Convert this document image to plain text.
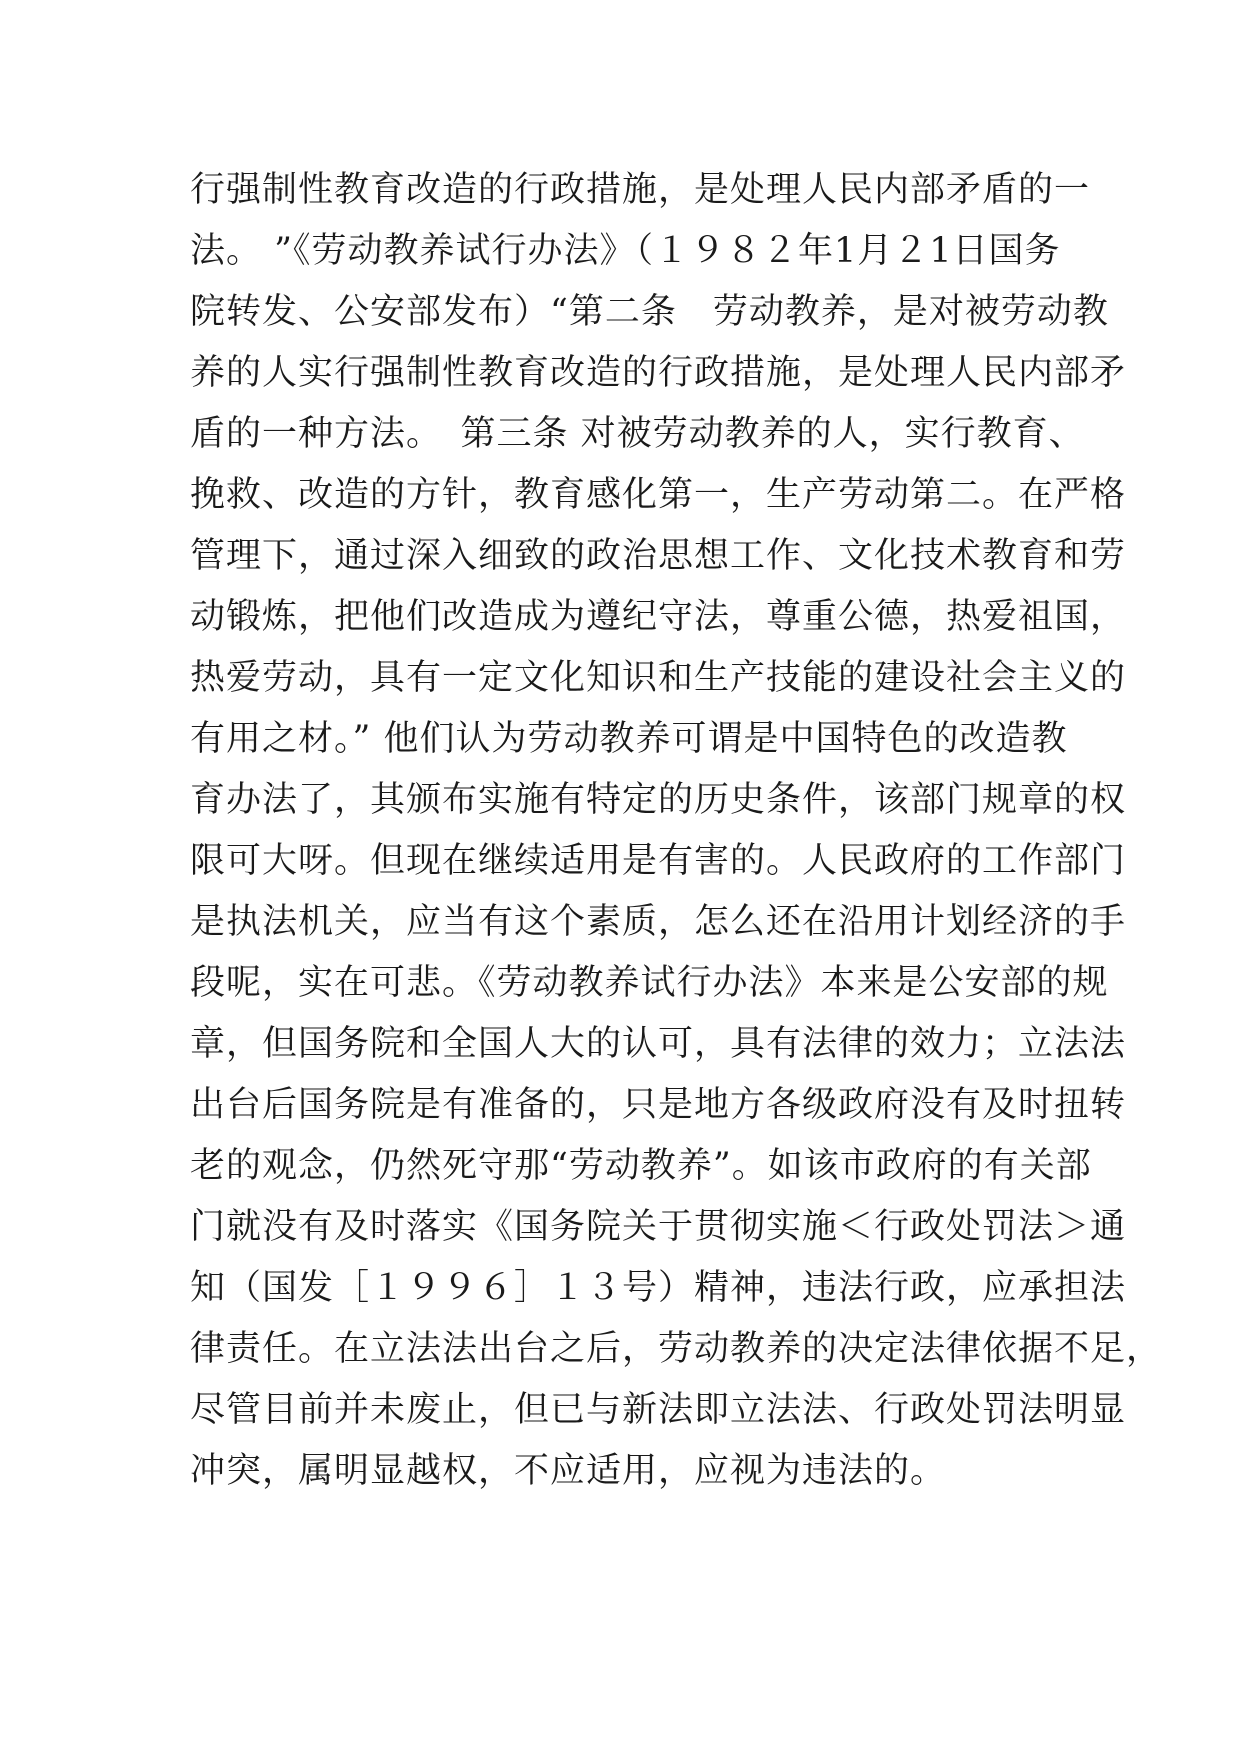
行强制性教育改造的行政措施，是处理人民内部矛盾的一
法。 ”《劳动教养试行办法》（１９８２年1月２1日国务
院转发、公安部发布）“第二条　劳动教养，是对被劳动教
养的人实行强制性教育改造的行政措施，是处理人民内部矛
盾的一种方法。　第三条 对被劳动教养的人，实行教育、
挽救、改造的方针，教育感化第一，生产劳动第二。在严格
管理下，通过深入细致的政治思想工作、文化技术教育和劳
动锻炼，把他们改造成为遵纪守法，尊重公德，热爱祖国，
热爱劳动，具有一定文化知识和生产技能的建设社会主义的
有用之材。” 他们认为劳动教养可谓是中国特色的改造教
育办法了，其颁布实施有特定的历史条件，该部门规章的权
限可大呀。但现在继续适用是有害的。人民政府的工作部门
是执法机关，应当有这个素质，怎么还在沿用计划经济的手
段呢，实在可悲。《劳动教养试行办法》本来是公安部的规
章，但国务院和全国人大的认可，具有法律的效力；立法法
出台后国务院是有准备的，只是地方各级政府没有及时扭转
老的观念，仍然死守那“劳动教养”。如该市政府的有关部
门就没有及时落实《国务院关于贯彻实施＜行政处罚法＞通
知（国发［１９９６］１３号）精神，违法行政，应承担法
律责任。在立法法出台之后，劳动教养的决定法律依据不足，
尽管目前并未废止，但已与新法即立法法、行政处罚法明显
冲突，属明显越权，不应适用，应视为违法的。
